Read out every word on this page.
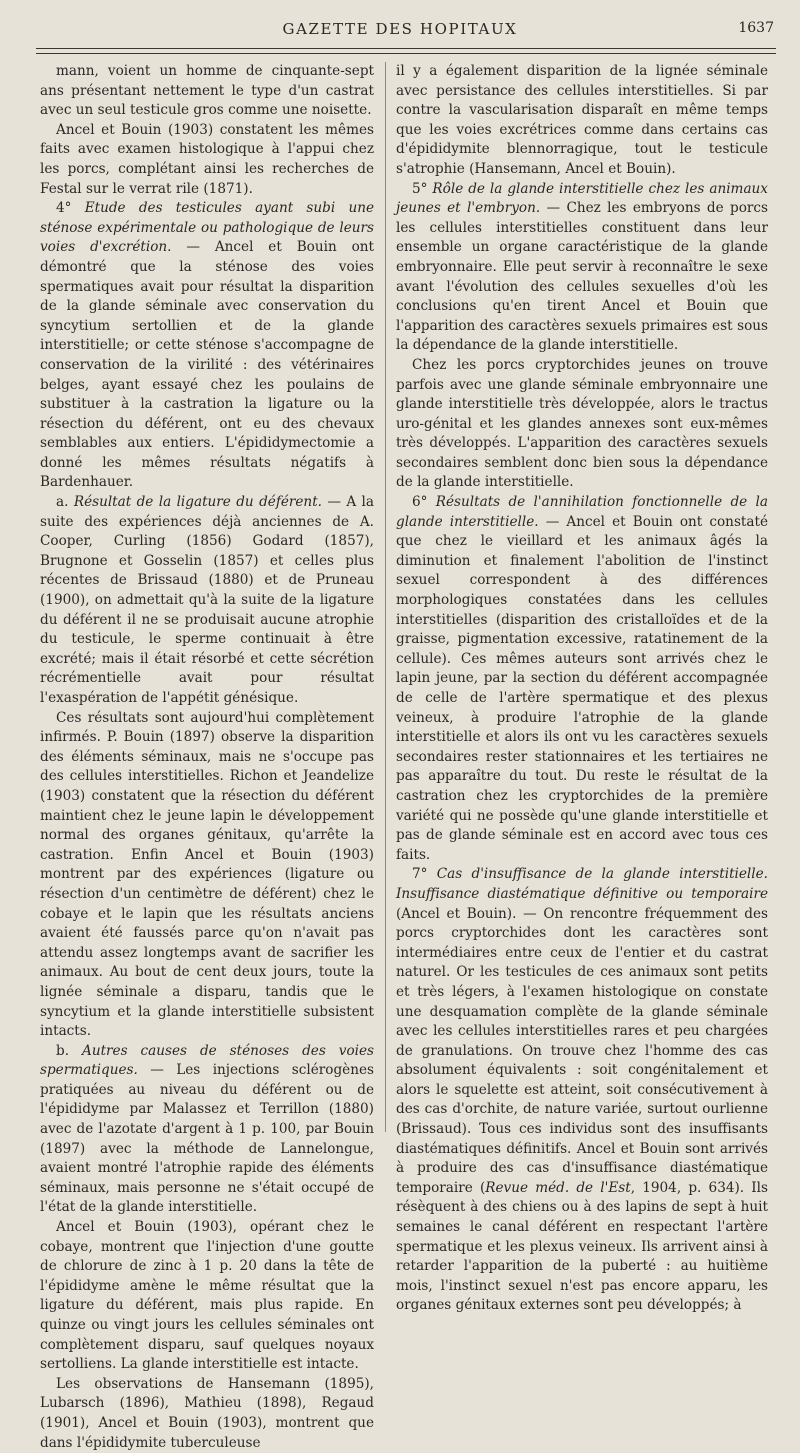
GAZETTE DES HOPITAUX	1637

mann, voient un homme de cinquante-sept ans présentant nettement le type d'un castrat avec un seul testicule gros comme une noisette.

Ancel et Bouin (1903) constatent les mêmes faits avec examen histologique à l'appui chez les porcs, complétant ainsi les recherches de Festal sur le verrat rile (1871).

4° Etude des testicules ayant subi une sténose expérimentale ou pathologique de leurs voies d'excrétion. — Ancel et Bouin ont démontré que la sténose des voies spermatiques avait pour résultat la disparition de la glande séminale avec conservation du syncytium sertollien et de la glande interstitielle; or cette sténose s'accompagne de conservation de la virilité : des vétérinaires belges, ayant essayé chez les poulains de substituer à la castration la ligature ou la résection du déférent, ont eu des chevaux semblables aux entiers. L'épididymectomie a donné les mêmes résultats négatifs à Bardenhauer.

a. Résultat de la ligature du déférent. — A la suite des expériences déjà anciennes de A. Cooper, Curling (1856) Godard (1857), Brugnone et Gosselin (1857) et celles plus récentes de Brissaud (1880) et de Pruneau (1900), on admettait qu'à la suite de la ligature du déférent il ne se produisait aucune atrophie du testicule, le sperme continuait à être excrété; mais il était résorbé et cette sécrétion récrémentielle avait pour résultat l'exaspération de l'appétit génésique.

Ces résultats sont aujourd'hui complètement infirmés. P. Bouin (1897) observe la disparition des éléments séminaux, mais ne s'occupe pas des cellules interstitielles. Richon et Jeandelize (1903) constatent que la résection du déférent maintient chez le jeune lapin le développement normal des organes génitaux, qu'arrête la castration. Enfin Ancel et Bouin (1903) montrent par des expériences (ligature ou résection d'un centimètre de déférent) chez le cobaye et le lapin que les résultats anciens avaient été faussés parce qu'on n'avait pas attendu assez longtemps avant de sacrifier les animaux. Au bout de cent deux jours, toute la lignée séminale a disparu, tandis que le syncytium et la glande interstitielle subsistent intacts.

b. Autres causes de sténoses des voies spermatiques. — Les injections sclérogènes pratiquées au niveau du déférent ou de l'épididyme par Malassez et Terrillon (1880) avec de l'azotate d'argent à 1 p. 100, par Bouin (1897) avec la méthode de Lannelongue, avaient montré l'atrophie rapide des éléments séminaux, mais personne ne s'était occupé de l'état de la glande interstitielle.

Ancel et Bouin (1903), opérant chez le cobaye, montrent que l'injection d'une goutte de chlorure de zinc à 1 p. 20 dans la tête de l'épididyme amène le même résultat que la ligature du déférent, mais plus rapide. En quinze ou vingt jours les cellules séminales ont complètement disparu, sauf quelques noyaux sertolliens. La glande interstitielle est intacte.

Les observations de Hansemann (1895), Lubarsch (1896), Mathieu (1898), Regaud (1901), Ancel et Bouin (1903), montrent que dans l'épididymite tuberculeuse

il y a également disparition de la lignée séminale avec persistance des cellules interstitielles. Si par contre la vascularisation disparaît en même temps que les voies excrétrices comme dans certains cas d'épididymite blennorragique, tout le testicule s'atrophie (Hansemann, Ancel et Bouin).

5° Rôle de la glande interstitielle chez les animaux jeunes et l'embryon. — Chez les embryons de porcs les cellules interstitielles constituent dans leur ensemble un organe caractéristique de la glande embryonnaire. Elle peut servir à reconnaître le sexe avant l'évolution des cellules sexuelles d'où les conclusions qu'en tirent Ancel et Bouin que l'apparition des caractères sexuels primaires est sous la dépendance de la glande interstitielle.

Chez les porcs cryptorchides jeunes on trouve parfois avec une glande séminale embryonnaire une glande interstitielle très développée, alors le tractus uro-génital et les glandes annexes sont eux-mêmes très développés. L'apparition des caractères sexuels secondaires semblent donc bien sous la dépendance de la glande interstitielle.

6° Résultats de l'annihilation fonctionnelle de la glande interstitielle. — Ancel et Bouin ont constaté que chez le vieillard et les animaux âgés la diminution et finalement l'abolition de l'instinct sexuel correspondent à des différences morphologiques constatées dans les cellules interstitielles (disparition des cristalloïdes et de la graisse, pigmentation excessive, ratatinement de la cellule). Ces mêmes auteurs sont arrivés chez le lapin jeune, par la section du déférent accompagnée de celle de l'artère spermatique et des plexus veineux, à produire l'atrophie de la glande interstitielle et alors ils ont vu les caractères sexuels secondaires rester stationnaires et les tertiaires ne pas apparaître du tout. Du reste le résultat de la castration chez les cryptorchides de la première variété qui ne possède qu'une glande interstitielle et pas de glande séminale est en accord avec tous ces faits.

7° Cas d'insuffisance de la glande interstitielle. Insuffisance diastématique définitive ou temporaire (Ancel et Bouin). — On rencontre fréquemment des porcs cryptorchides dont les caractères sont intermédiaires entre ceux de l'entier et du castrat naturel. Or les testicules de ces animaux sont petits et très légers, à l'examen histologique on constate une desquamation complète de la glande séminale avec les cellules interstitielles rares et peu chargées de granulations. On trouve chez l'homme des cas absolument équivalents : soit congénitalement et alors le squelette est atteint, soit consécutivement à des cas d'orchite, de nature variée, surtout ourlienne (Brissaud). Tous ces individus sont des insuffisants diastématiques définitifs. Ancel et Bouin sont arrivés à produire des cas d'insuffisance diastématique temporaire (Revue méd. de l'Est, 1904, p. 634). Ils résèquent à des chiens ou à des lapins de sept à huit semaines le canal déférent en respectant l'artère spermatique et les plexus veineux. Ils arrivent ainsi à retarder l'apparition de la puberté : au huitième mois, l'instinct sexuel n'est pas encore apparu, les organes génitaux externes sont peu développés; à
